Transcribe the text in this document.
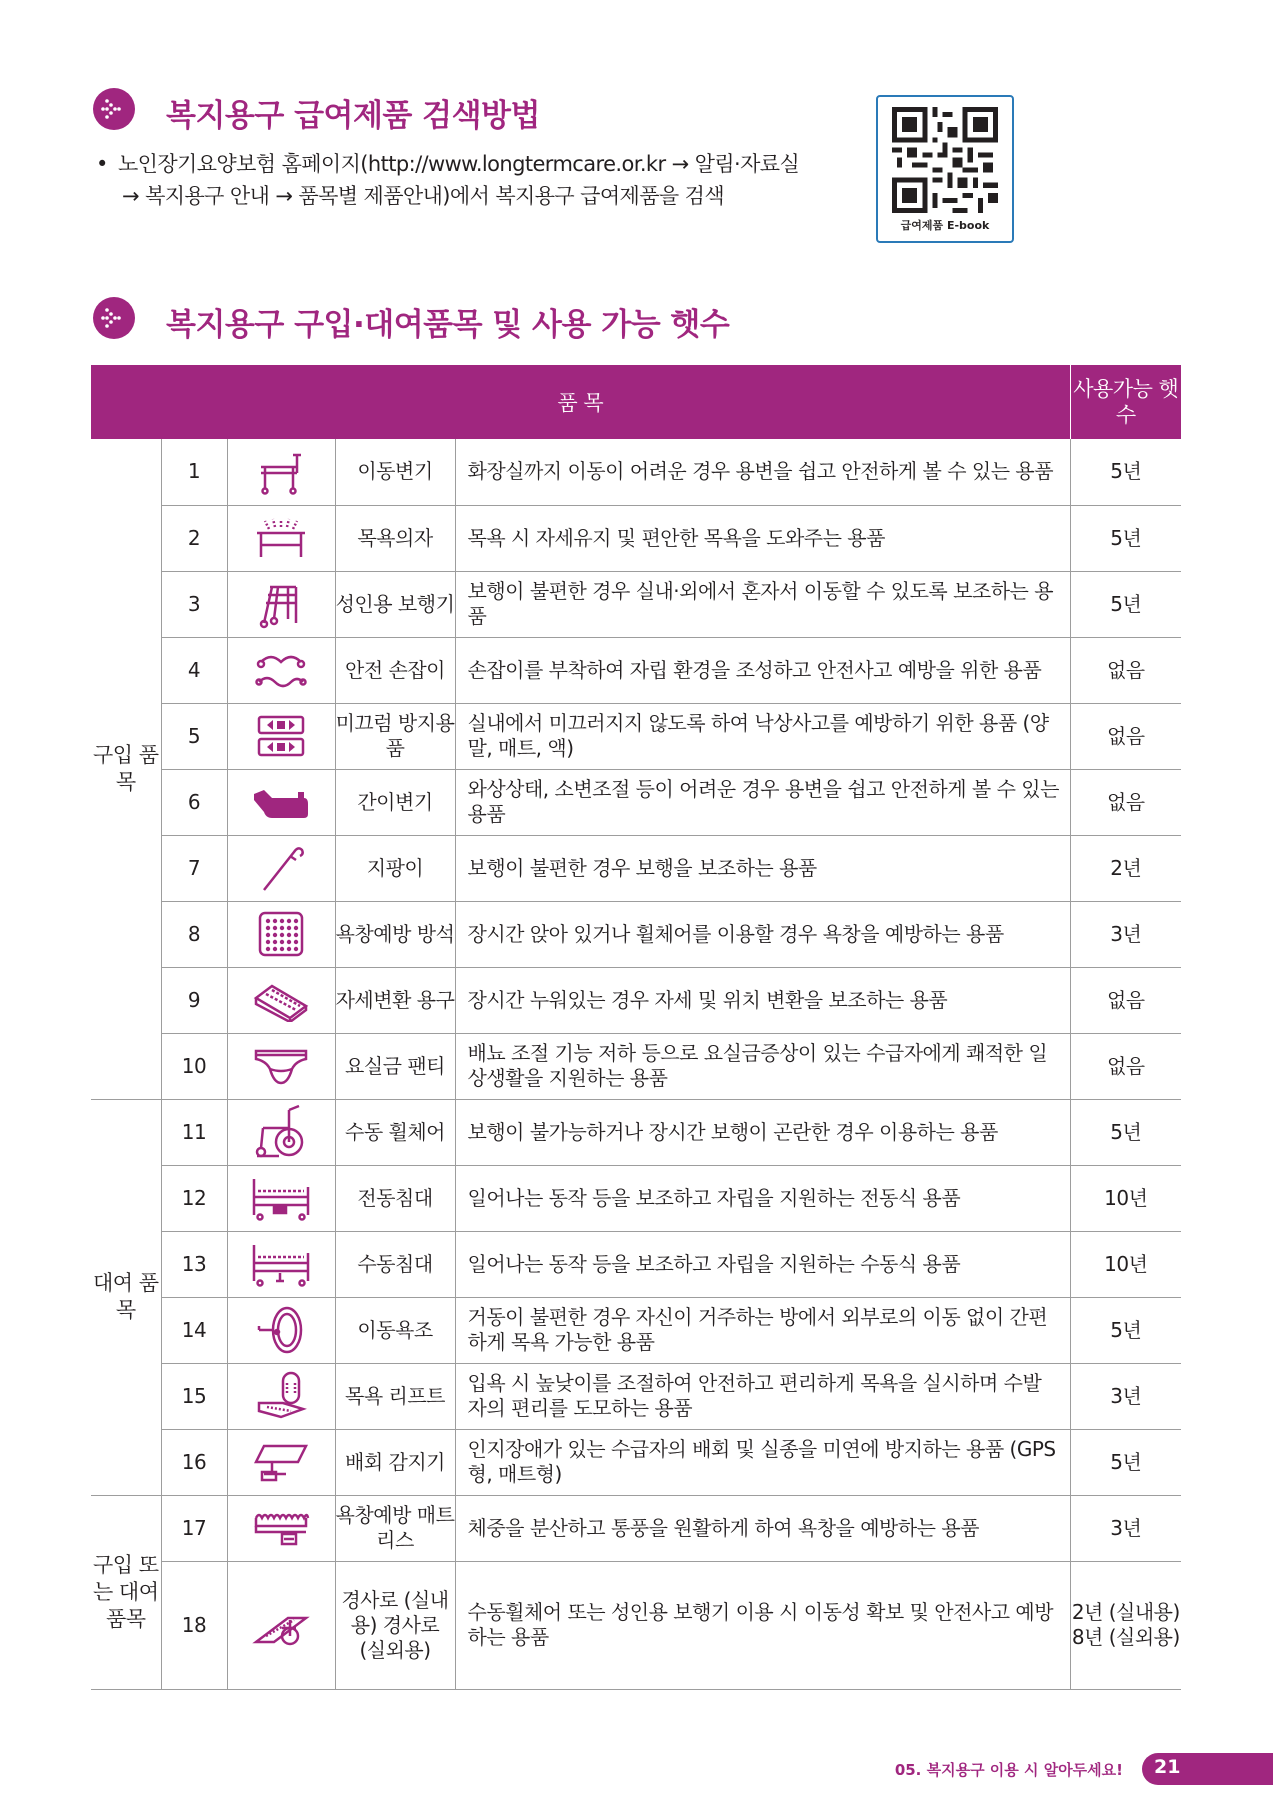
복지용구 급여제품 검색방법
• 노인장기요양보험 홈페이지(http://www.longtermcare.or.kr → 알림·자료실
→ 복지용구 안내 → 품목별 제품안내)에서 복지용구 급여제품을 검색
급여제품 E-book
복지용구 구입·대여품목 및 사용 가능 햇수
품 목					사용가능 햇수
구입 품목	1		이동변기	화장실까지 이동이 어려운 경우 용변을 쉽고 안전하게 볼 수 있는 용품	5년
	2		목욕의자	목욕 시 자세유지 및 편안한 목욕을 도와주는 용품	5년
	3		성인용 보행기	보행이 불편한 경우 실내·외에서 혼자서 이동할 수 있도록 보조하는 용품	5년
	4		안전 손잡이	손잡이를 부착하여 자립 환경을 조성하고 안전사고 예방을 위한 용품	없음
	5		미끄럼 방지용품	실내에서 미끄러지지 않도록 하여 낙상사고를 예방하기 위한 용품 (양말, 매트, 액)	없음
	6		간이변기	와상상태, 소변조절 등이 어려운 경우 용변을 쉽고 안전하게 볼 수 있는 용품	없음
	7		지팡이	보행이 불편한 경우 보행을 보조하는 용품	2년
	8		욕창예방 방석	장시간 앉아 있거나 휠체어를 이용할 경우 욕창을 예방하는 용품	3년
	9		자세변환 용구	장시간 누워있는 경우 자세 및 위치 변환을 보조하는 용품	없음
	10		요실금 팬티	배뇨 조절 기능 저하 등으로 요실금증상이 있는 수급자에게 쾌적한 일상생활을 지원하는 용품	없음
대여 품목	11		수동 휠체어	보행이 불가능하거나 장시간 보행이 곤란한 경우 이용하는 용품	5년
	12		전동침대	일어나는 동작 등을 보조하고 자립을 지원하는 전동식 용품	10년
	13		수동침대	일어나는 동작 등을 보조하고 자립을 지원하는 수동식 용품	10년
	14		이동욕조	거동이 불편한 경우 자신이 거주하는 방에서 외부로의 이동 없이 간편하게 목욕 가능한 용품	5년
	15		목욕 리프트	입욕 시 높낮이를 조절하여 안전하고 편리하게 목욕을 실시하며 수발자의 편리를 도모하는 용품	3년
	16		배회 감지기	인지장애가 있는 수급자의 배회 및 실종을 미연에 방지하는 용품 (GPS형, 매트형)	5년
구입 또는 대여 품목	17		욕창예방 매트리스	체중을 분산하고 통풍을 원활하게 하여 욕창을 예방하는 용품	3년
	18		경사로 (실내용) 경사로 (실외용)	수동휠체어 또는 성인용 보행기 이용 시 이동성 확보 및 안전사고 예방하는 용품	2년 (실내용) 8년 (실외용)
05. 복지용구 이용 시 알아두세요! 21
